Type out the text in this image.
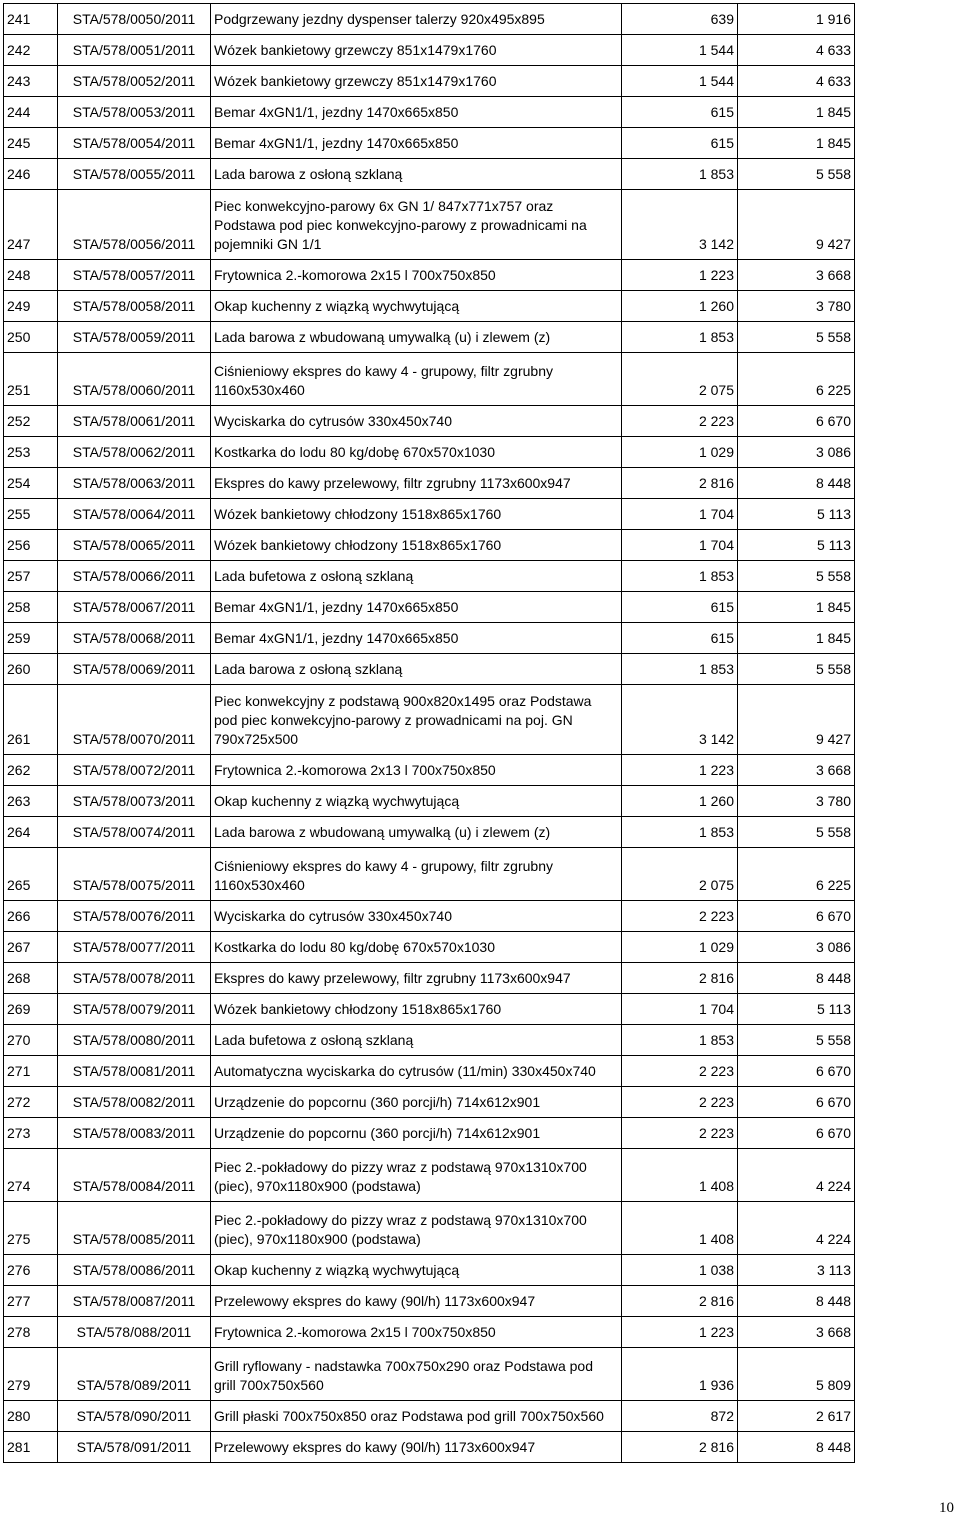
241	STA/578/0050/2011	Podgrzewany jezdny dyspenser talerzy 920x495x895	639	1 916
242	STA/578/0051/2011	Wózek bankietowy grzewczy 851x1479x1760	1 544	4 633
243	STA/578/0052/2011	Wózek bankietowy grzewczy 851x1479x1760	1 544	4 633
244	STA/578/0053/2011	Bemar 4xGN1/1, jezdny 1470x665x850	615	1 845
245	STA/578/0054/2011	Bemar 4xGN1/1, jezdny 1470x665x850	615	1 845
246	STA/578/0055/2011	Lada barowa z osłoną szklaną	1 853	5 558
247	STA/578/0056/2011	Piec konwekcyjno-parowy 6x GN 1/ 847x771x757 oraz
Podstawa pod piec konwekcyjno-parowy z prowadnicami na
pojemniki GN 1/1	3 142	9 427
248	STA/578/0057/2011	Frytownica 2.-komorowa 2x15 l 700x750x850	1 223	3 668
249	STA/578/0058/2011	Okap kuchenny z wiązką wychwytującą	1 260	3 780
250	STA/578/0059/2011	Lada barowa z wbudowaną umywalką (u) i zlewem (z)	1 853	5 558
251	STA/578/0060/2011	Ciśnieniowy ekspres do kawy 4 - grupowy, filtr zgrubny
1160x530x460	2 075	6 225
252	STA/578/0061/2011	Wyciskarka do cytrusów 330x450x740	2 223	6 670
253	STA/578/0062/2011	Kostkarka do lodu 80 kg/dobę 670x570x1030	1 029	3 086
254	STA/578/0063/2011	Ekspres do kawy przelewowy, filtr zgrubny 1173x600x947	2 816	8 448
255	STA/578/0064/2011	Wózek bankietowy chłodzony 1518x865x1760	1 704	5 113
256	STA/578/0065/2011	Wózek bankietowy chłodzony 1518x865x1760	1 704	5 113
257	STA/578/0066/2011	Lada bufetowa z osłoną szklaną	1 853	5 558
258	STA/578/0067/2011	Bemar 4xGN1/1, jezdny 1470x665x850	615	1 845
259	STA/578/0068/2011	Bemar 4xGN1/1, jezdny 1470x665x850	615	1 845
260	STA/578/0069/2011	Lada barowa z osłoną szklaną	1 853	5 558
261	STA/578/0070/2011	Piec konwekcyjny z podstawą 900x820x1495 oraz Podstawa
pod piec konwekcyjno-parowy z prowadnicami na poj. GN
790x725x500	3 142	9 427
262	STA/578/0072/2011	Frytownica 2.-komorowa 2x13 l 700x750x850	1 223	3 668
263	STA/578/0073/2011	Okap kuchenny z wiązką wychwytującą	1 260	3 780
264	STA/578/0074/2011	Lada barowa z wbudowaną umywalką (u) i zlewem (z)	1 853	5 558
265	STA/578/0075/2011	Ciśnieniowy ekspres do kawy 4 - grupowy, filtr zgrubny
1160x530x460	2 075	6 225
266	STA/578/0076/2011	Wyciskarka do cytrusów 330x450x740	2 223	6 670
267	STA/578/0077/2011	Kostkarka do lodu 80 kg/dobę 670x570x1030	1 029	3 086
268	STA/578/0078/2011	Ekspres do kawy przelewowy, filtr zgrubny 1173x600x947	2 816	8 448
269	STA/578/0079/2011	Wózek bankietowy chłodzony 1518x865x1760	1 704	5 113
270	STA/578/0080/2011	Lada bufetowa z osłoną szklaną	1 853	5 558
271	STA/578/0081/2011	Automatyczna wyciskarka do cytrusów (11/min) 330x450x740	2 223	6 670
272	STA/578/0082/2011	Urządzenie do popcornu (360 porcji/h) 714x612x901	2 223	6 670
273	STA/578/0083/2011	Urządzenie do popcornu (360 porcji/h) 714x612x901	2 223	6 670
274	STA/578/0084/2011	Piec 2.-pokładowy do pizzy wraz z podstawą 970x1310x700
(piec), 970x1180x900 (podstawa)	1 408	4 224
275	STA/578/0085/2011	Piec 2.-pokładowy do pizzy wraz z podstawą 970x1310x700
(piec), 970x1180x900 (podstawa)	1 408	4 224
276	STA/578/0086/2011	Okap kuchenny z wiązką wychwytującą	1 038	3 113
277	STA/578/0087/2011	Przelewowy ekspres do kawy (90l/h) 1173x600x947	2 816	8 448
278	STA/578/088/2011	Frytownica 2.-komorowa 2x15 l 700x750x850	1 223	3 668
279	STA/578/089/2011	Grill ryflowany - nadstawka 700x750x290 oraz Podstawa pod
grill 700x750x560	1 936	5 809
280	STA/578/090/2011	Grill płaski 700x750x850 oraz Podstawa pod grill 700x750x560	872	2 617
281	STA/578/091/2011	Przelewowy ekspres do kawy (90l/h) 1173x600x947	2 816	8 448
10
